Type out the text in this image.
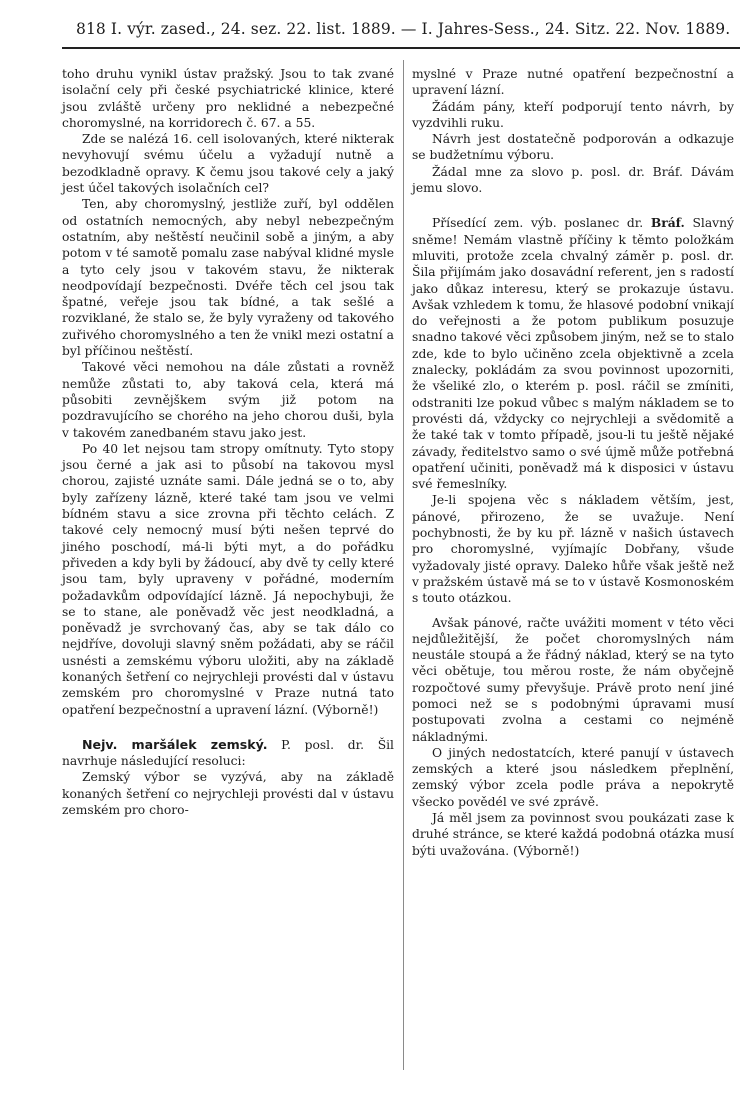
818 I. výr. zased., 24. sez. 22. list. 1889. — I. Jahres-Sess., 24. Sitz. 22. Nov. 1889.

toho druhu vynikl ústav pražský. Jsou to tak zvané isolační cely při české psychiatrické klinice, které jsou zvláště určeny pro neklidné a nebezpečné choromyslné, na korridorech č. 67. a 55.

Zde se nalézá 16. cell isolovaných, které nikterak nevyhovují svému účelu a vyžadují nutně a bezodkladně opravy. K čemu jsou takové cely a jaký jest účel takových isolačních cel?

Ten, aby choromyslný, jestliže zuří, byl oddělen od ostatních nemocných, aby nebyl nebezpečným ostatním, aby neštěstí neučinil sobě a jiným, a aby potom v té samotě pomalu zase nabýval klidné mysle a tyto cely jsou v takovém stavu, že nikterak neodpovídají bezpečnosti. Dvéře těch cel jsou tak špatné, veřeje jsou tak bídné, a tak sešlé a rozviklané, že stalo se, že byly vyraženy od takového zuřivého choromyslného a ten že vnikl mezi ostatní a byl příčinou neštěstí.

Takové věci nemohou na dále zůstati a rovněž nemůže zůstati to, aby taková cela, která má působiti zevnějškem svým již potom na pozdravujícího se chorého na jeho chorou duši, byla v takovém zanedbaném stavu jako jest.

Po 40 let nejsou tam stropy omítnuty. Tyto stopy jsou černé a jak asi to působí na takovou mysl chorou, zajisté uznáte sami. Dále jedná se o to, aby byly zařízeny lázně, které také tam jsou ve velmi bídném stavu a sice zrovna při těchto celách. Z takové cely nemocný musí býti nešen teprvé do jiného poschodí, má-li býti myt, a do pořádku přiveden a kdy byli by žádoucí, aby dvě ty celly které jsou tam, byly upraveny v pořádné, moderním požadavkům odpovídající lázně. Já nepochybuji, že se to stane, ale poněvadž věc jest neodkladná, a poněvadž je svrchovaný čas, aby se tak dálo co nejdříve, dovoluji slavný sněm požádati, aby se ráčil usnésti a zemskému výboru uložiti, aby na základě konaných šetření co nejrychleji provésti dal v ústavu zemském pro choromyslné v Praze nutná tato opatření bezpečnostní a upravení lázní. (Výborně!)

Nejv. maršálek zemský. P. posl. dr. Šil navrhuje následující resoluci:

Zemský výbor se vyzývá, aby na základě konaných šetření co nejrychleji provésti dal v ústavu zemském pro choro-

myslné v Praze nutné opatření bezpečnostní a upravení lázní.

Žádám pány, kteří podporují tento návrh, by vyzdvihli ruku.

Návrh jest dostatečně podporován a odkazuje se budžetnímu výboru.

Žádal mne za slovo p. posl. dr. Bráf. Dávám jemu slovo.

Přísedící zem. výb. poslanec dr. Bráf. Slavný sněme! Nemám vlastně příčiny k těmto položkám mluviti, protože zcela chvalný záměr p. posl. dr. Šila přijímám jako dosavádní referent, jen s radostí jako důkaz interesu, který se prokazuje ústavu. Avšak vzhledem k tomu, že hlasové podobní vnikají do veřejnosti a že potom publikum posuzuje snadno takové věci způsobem jiným, než se to stalo zde, kde to bylo učiněno zcela objektivně a zcela znalecky, pokládám za svou povinnost upozorniti, že všeliké zlo, o kterém p. posl. ráčil se zmíniti, odstraniti lze pokud vůbec s malým nákladem se to provésti dá, vždycky co nejrychleji a svědomitě a že také tak v tomto případě, jsou-li tu ještě nějaké závady, ředitelstvo samo o své újmě může potřebná opatření učiniti, poněvadž má k disposici v ústavu své řemeslníky.

Je-li spojena věc s nákladem větším, jest, pánové, přirozeno, že se uvažuje. Není pochybnosti, že by ku př. lázně v našich ústavech pro choromyslné, vyjímajíc Dobřany, všude vyžadovaly jisté opravy. Daleko hůře však ještě než v pražském ústavě má se to v ústavě Kosmonoském s touto otázkou.

Avšak pánové, račte uvážiti moment v této věci nejdůležitější, že počet choromyslných nám neustále stoupá a že řádný náklad, který se na tyto věci obětuje, tou měrou roste, že nám obyčejně rozpočtové sumy převyšuje. Právě proto není jiné pomoci než se s podobnými úpravami musí postupovati zvolna a cestami co nejméně nákladnými.

O jiných nedostatcích, které panují v ústavech zemských a které jsou následkem přeplnění, zemský výbor zcela podle práva a nepokrytě všecko povědél ve své zprávě.

Já měl jsem za povinnost svou poukázati zase k druhé stránce, se které každá podobná otázka musí býti uvažována. (Výborně!)
